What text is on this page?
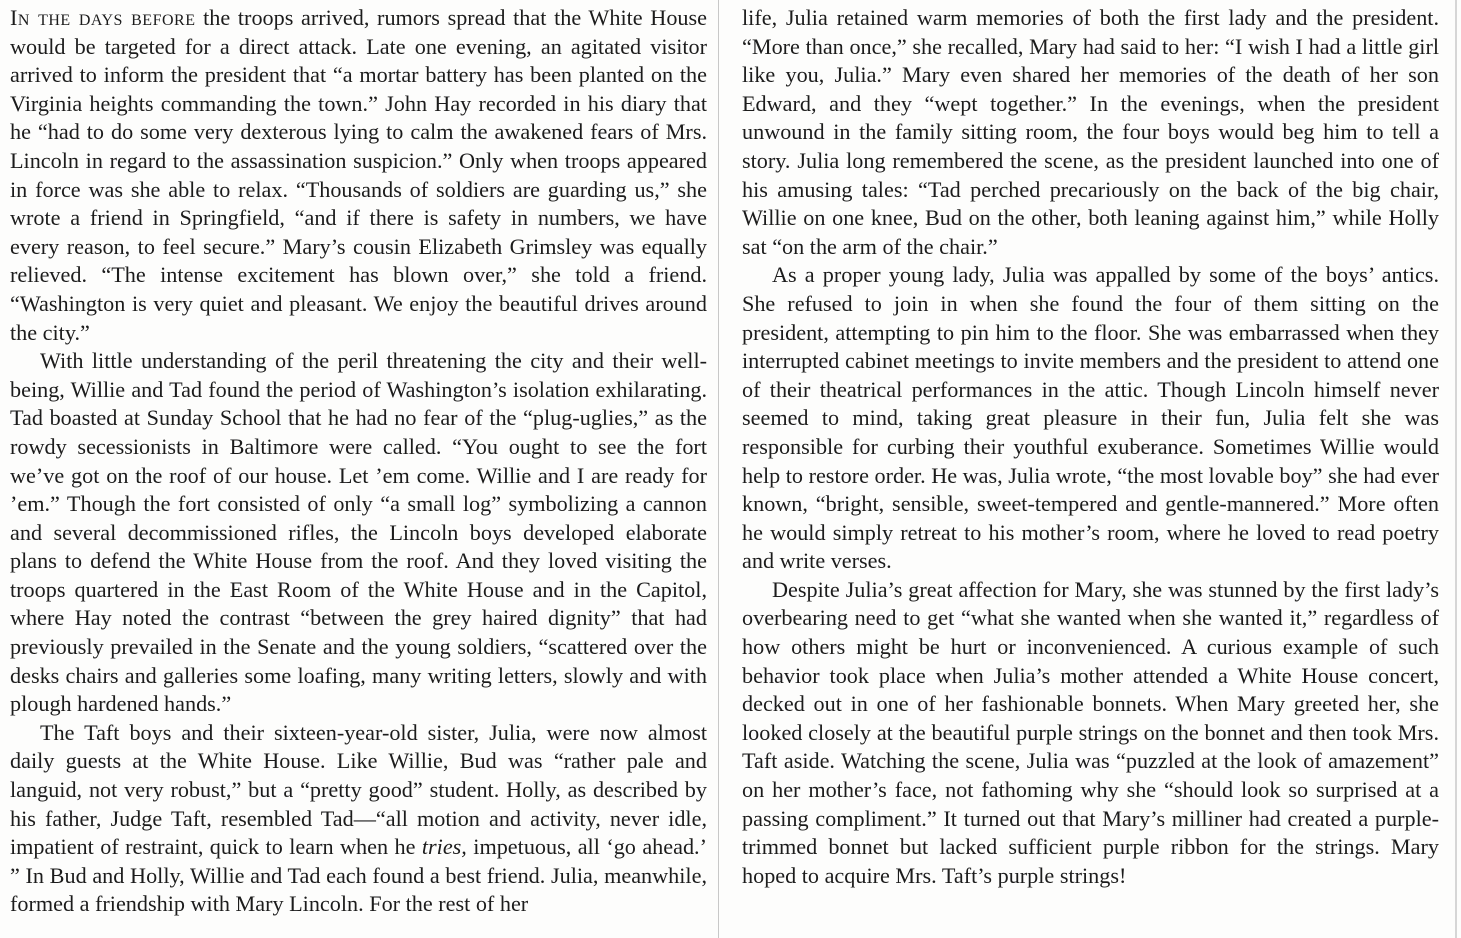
In the days before the troops arrived, rumors spread that the White House would be targeted for a direct attack. Late one evening, an agitated visitor arrived to inform the president that “a mortar battery has been planted on the Virginia heights commanding the town.” John Hay recorded in his diary that he “had to do some very dexterous lying to calm the awakened fears of Mrs. Lincoln in regard to the assassination suspicion.” Only when troops appeared in force was she able to relax. “Thousands of soldiers are guarding us,” she wrote a friend in Springfield, “and if there is safety in numbers, we have every reason, to feel secure.” Mary’s cousin Elizabeth Grimsley was equally relieved. “The intense excitement has blown over,” she told a friend. “Washington is very quiet and pleasant. We enjoy the beautiful drives around the city.”

With little understanding of the peril threatening the city and their well-being, Willie and Tad found the period of Washington’s isolation exhilarating. Tad boasted at Sunday School that he had no fear of the “plug-uglies,” as the rowdy secessionists in Baltimore were called. “You ought to see the fort we’ve got on the roof of our house. Let ’em come. Willie and I are ready for ’em.” Though the fort consisted of only “a small log” symbolizing a cannon and several decommissioned rifles, the Lincoln boys developed elaborate plans to defend the White House from the roof. And they loved visiting the troops quartered in the East Room of the White House and in the Capitol, where Hay noted the contrast “between the grey haired dignity” that had previously prevailed in the Senate and the young soldiers, “scattered over the desks chairs and galleries some loafing, many writing letters, slowly and with plough hardened hands.”

The Taft boys and their sixteen-year-old sister, Julia, were now almost daily guests at the White House. Like Willie, Bud was “rather pale and languid, not very robust,” but a “pretty good” student. Holly, as described by his father, Judge Taft, resembled Tad—“all motion and activity, never idle, impatient of restraint, quick to learn when he tries, impetuous, all ‘go ahead.’ ” In Bud and Holly, Willie and Tad each found a best friend. Julia, meanwhile, formed a friendship with Mary Lincoln. For the rest of her

life, Julia retained warm memories of both the first lady and the president. “More than once,” she recalled, Mary had said to her: “I wish I had a little girl like you, Julia.” Mary even shared her memories of the death of her son Edward, and they “wept together.” In the evenings, when the president unwound in the family sitting room, the four boys would beg him to tell a story. Julia long remembered the scene, as the president launched into one of his amusing tales: “Tad perched precariously on the back of the big chair, Willie on one knee, Bud on the other, both leaning against him,” while Holly sat “on the arm of the chair.”

As a proper young lady, Julia was appalled by some of the boys’ antics. She refused to join in when she found the four of them sitting on the president, attempting to pin him to the floor. She was embarrassed when they interrupted cabinet meetings to invite members and the president to attend one of their theatrical performances in the attic. Though Lincoln himself never seemed to mind, taking great pleasure in their fun, Julia felt she was responsible for curbing their youthful exuberance. Sometimes Willie would help to restore order. He was, Julia wrote, “the most lovable boy” she had ever known, “bright, sensible, sweet-tempered and gentle-mannered.” More often he would simply retreat to his mother’s room, where he loved to read poetry and write verses.

Despite Julia’s great affection for Mary, she was stunned by the first lady’s overbearing need to get “what she wanted when she wanted it,” regardless of how others might be hurt or inconvenienced. A curious example of such behavior took place when Julia’s mother attended a White House concert, decked out in one of her fashionable bonnets. When Mary greeted her, she looked closely at the beautiful purple strings on the bonnet and then took Mrs. Taft aside. Watching the scene, Julia was “puzzled at the look of amazement” on her mother’s face, not fathoming why she “should look so surprised at a passing compliment.” It turned out that Mary’s milliner had created a purple-trimmed bonnet but lacked sufficient purple ribbon for the strings. Mary hoped to acquire Mrs. Taft’s purple strings!
